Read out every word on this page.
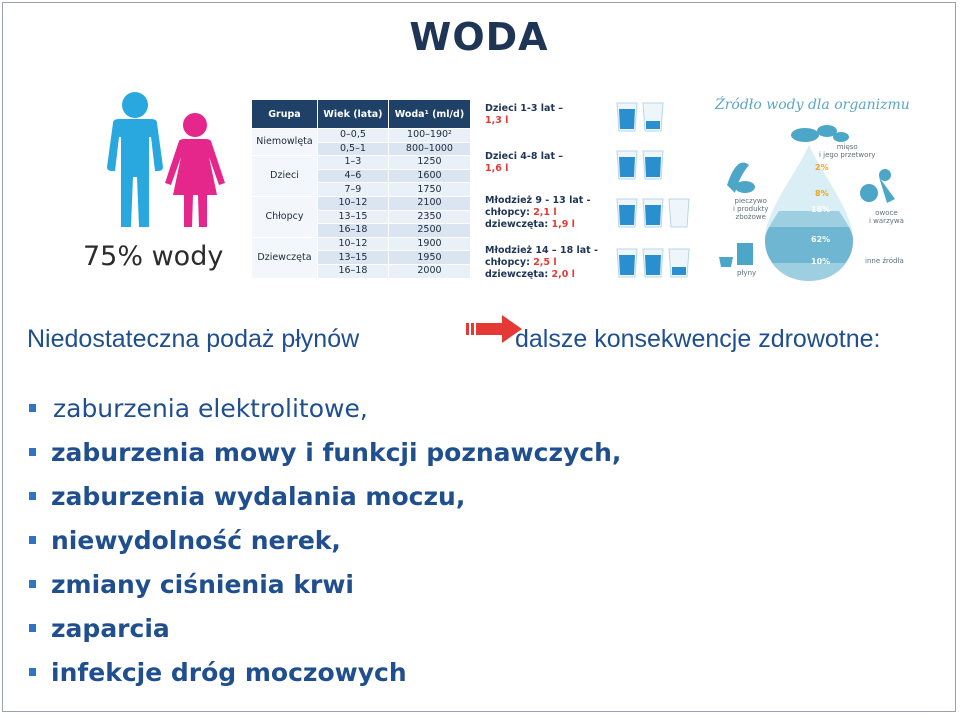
WODA
75% wody
Grupa	Wiek (lata)	Woda¹ (ml/d)
Niemowlęta	0–0,5	100–190²
	0,5–1	800–1000
Dzieci	1–3	1250
	4–6	1600
	7–9	1750
Chłopcy	10–12	2100
	13–15	2350
	16–18	2500
Dziewczęta	10–12	1900
	13–15	1950
	16–18	2000
Dzieci 1-3 lat –
1,3 l
Dzieci 4-8 lat –
1,6 l
Młodzież 9 - 13 lat -
chłopcy: 2,1 l
dziewczęta: 1,9 l
Młodzież 14 – 18 lat -
chłopcy: 2,5 l
dziewczęta: 2,0 l
Źródło wody dla organizmu
mięso
i jego przetwory
2%
pieczywo
i produkty
zbożowe
8%
18%	owoce
i warzywa
62%
10%	inne źródła
płyny
Niedostateczna podaż płynów	dalsze konsekwencje zdrowotne:
zaburzenia elektrolitowe,
zaburzenia mowy i funkcji poznawczych,
zaburzenia wydalania moczu,
niewydolność nerek,
zmiany ciśnienia krwi
zaparcia
infekcje dróg moczowych
